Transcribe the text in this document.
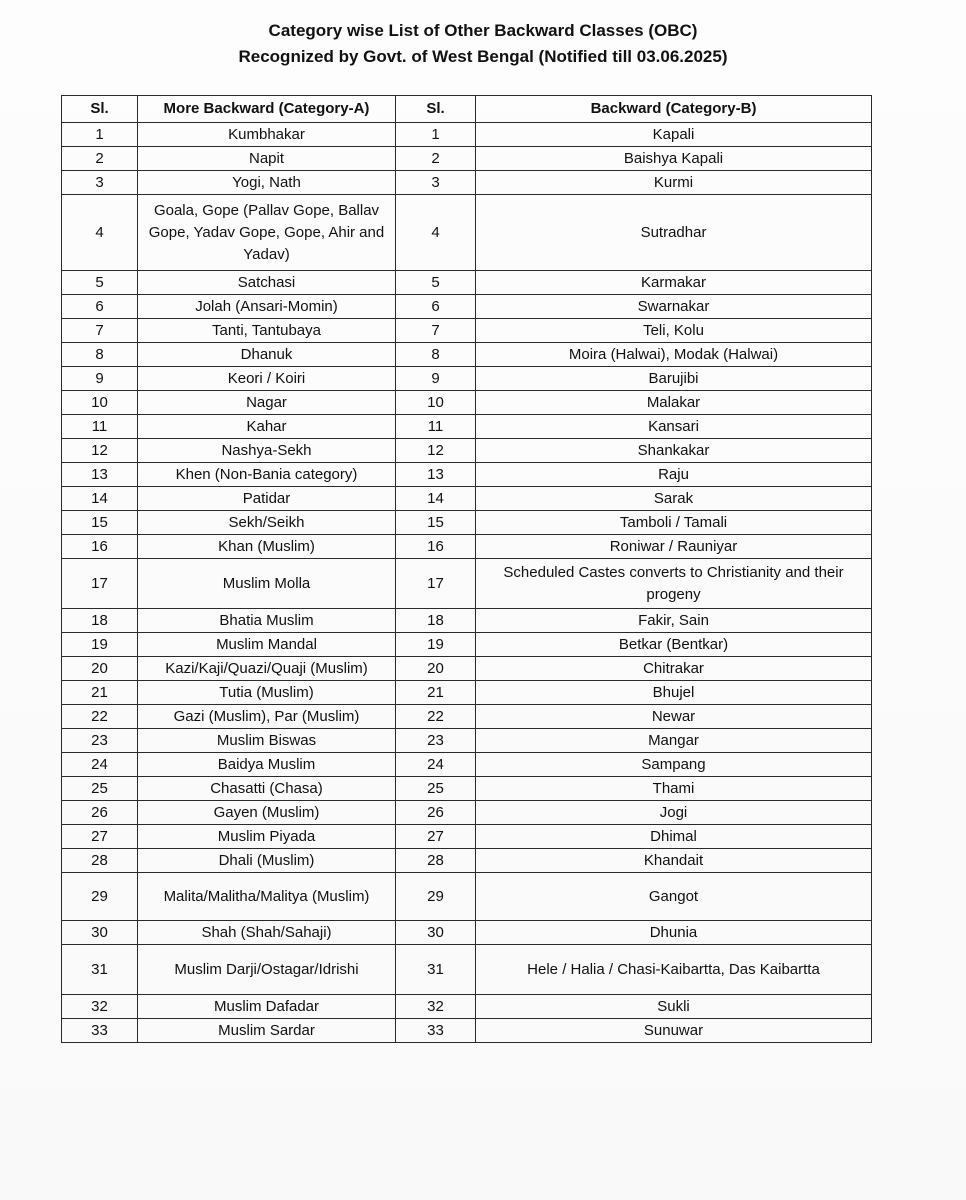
Category wise List of Other Backward Classes (OBC)
Recognized by Govt. of West Bengal (Notified till 03.06.2025)
Sl.	More Backward (Category-A)	Sl.	Backward (Category-B)
1	Kumbhakar	1	Kapali
2	Napit	2	Baishya Kapali
3	Yogi, Nath	3	Kurmi
4	Goala, Gope (Pallav Gope, Ballav Gope, Yadav Gope, Gope, Ahir and Yadav)	4	Sutradhar
5	Satchasi	5	Karmakar
6	Jolah (Ansari-Momin)	6	Swarnakar
7	Tanti, Tantubaya	7	Teli, Kolu
8	Dhanuk	8	Moira (Halwai), Modak (Halwai)
9	Keori / Koiri	9	Barujibi
10	Nagar	10	Malakar
11	Kahar	11	Kansari
12	Nashya-Sekh	12	Shankakar
13	Khen (Non-Bania category)	13	Raju
14	Patidar	14	Sarak
15	Sekh/Seikh	15	Tamboli / Tamali
16	Khan (Muslim)	16	Roniwar / Rauniyar
17	Muslim Molla	17	Scheduled Castes converts to Christianity and their progeny
18	Bhatia Muslim	18	Fakir, Sain
19	Muslim Mandal	19	Betkar (Bentkar)
20	Kazi/Kaji/Quazi/Quaji (Muslim)	20	Chitrakar
21	Tutia (Muslim)	21	Bhujel
22	Gazi (Muslim), Par (Muslim)	22	Newar
23	Muslim Biswas	23	Mangar
24	Baidya Muslim	24	Sampang
25	Chasatti (Chasa)	25	Thami
26	Gayen (Muslim)	26	Jogi
27	Muslim Piyada	27	Dhimal
28	Dhali (Muslim)	28	Khandait
29	Malita/Malitha/Malitya (Muslim)	29	Gangot
30	Shah (Shah/Sahaji)	30	Dhunia
31	Muslim Darji/Ostagar/Idrishi	31	Hele / Halia / Chasi-Kaibartta, Das Kaibartta
32	Muslim Dafadar	32	Sukli
33	Muslim Sardar	33	Sunuwar
